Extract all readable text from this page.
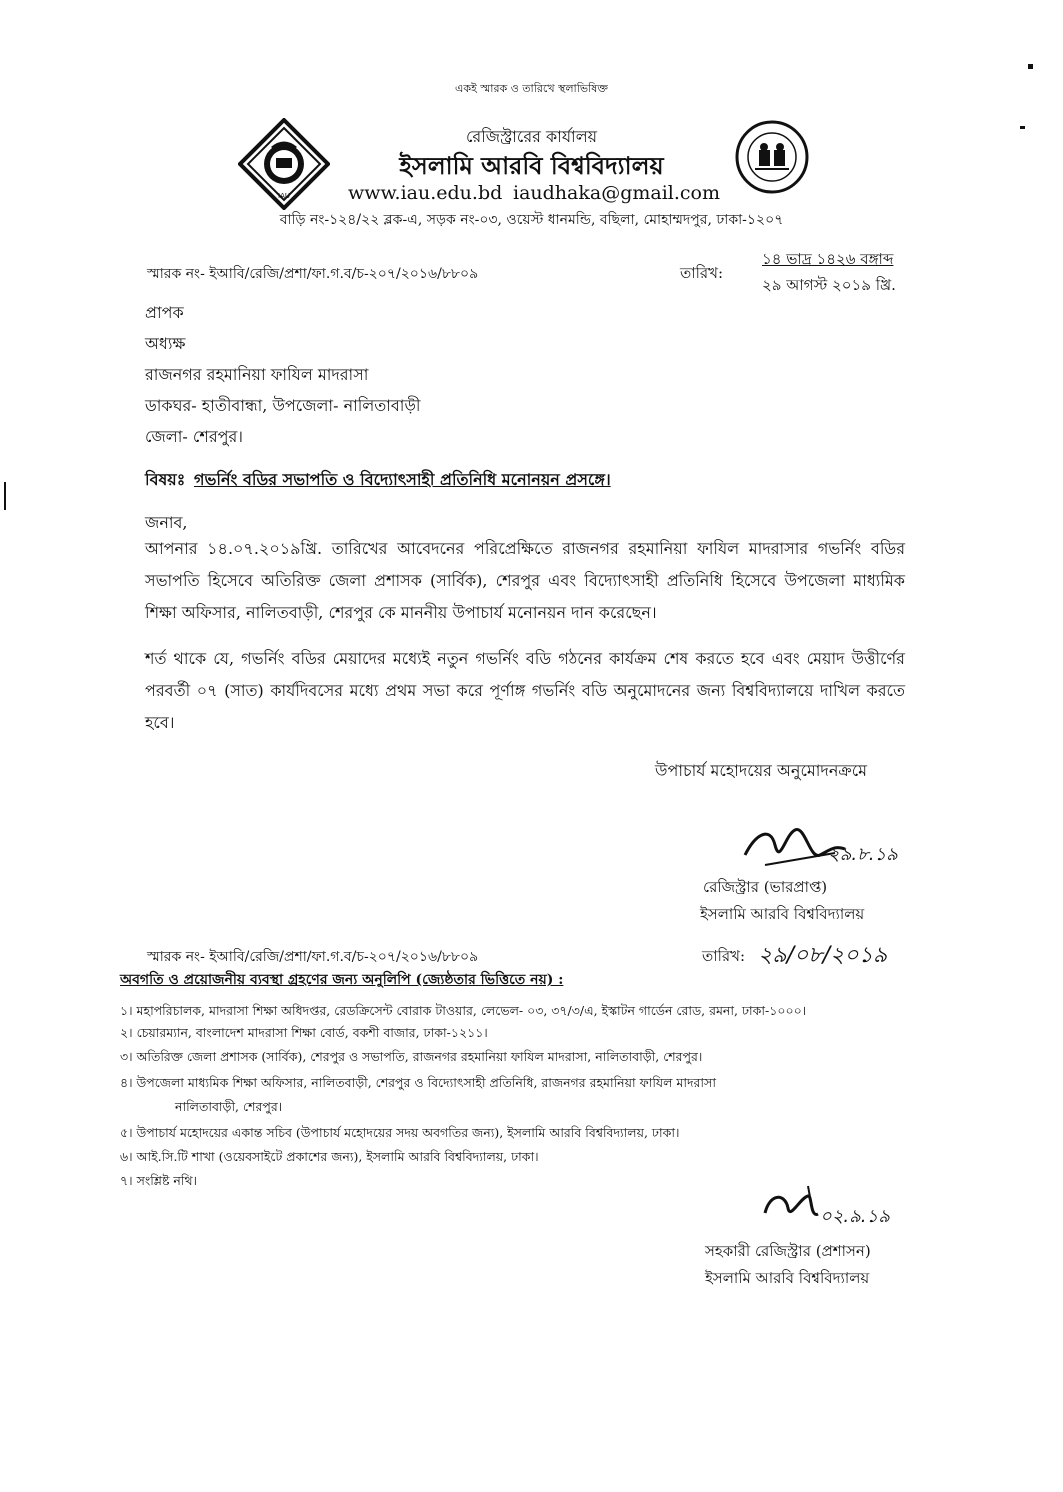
একই স্মারক ও তারিখে স্থলাভিষিক্ত
IAU
রেজিস্ট্রারের কার্যালয়
ইসলামি আরবি বিশ্ববিদ্যালয়
www.iau.edu.bd iaudhaka@gmail.com
বাড়ি নং-১২৪/২২ ব্লক-এ, সড়ক নং-০৩, ওয়েস্ট ধানমন্ডি, বছিলা, মোহাম্মদপুর, ঢাকা-১২০৭
স্মারক নং- ইআবি/রেজি/প্রশা/ফা.গ.ব/চ-২০৭/২০১৬/৮৮০৯	তারিখ:
১৪ ভাদ্র ১৪২৬ বঙ্গাব্দ
২৯ আগস্ট ২০১৯ খ্রি.
প্রাপক
অধ্যক্ষ
রাজনগর রহমানিয়া ফাযিল মাদরাসা
ডাকঘর- হাতীবান্ধা, উপজেলা- নালিতাবাড়ী
জেলা- শেরপুর।
বিষয়ঃ গভর্নিং বডির সভাপতি ও বিদ্যোৎসাহী প্রতিনিধি মনোনয়ন প্রসঙ্গে।
জনাব,
আপনার ১৪.০৭.২০১৯খ্রি. তারিখের আবেদনের পরিপ্রেক্ষিতে রাজনগর রহমানিয়া ফাযিল মাদরাসার গভর্নিং বডির সভাপতি হিসেবে অতিরিক্ত জেলা প্রশাসক (সার্বিক), শেরপুর এবং বিদ্যোৎসাহী প্রতিনিধি হিসেবে উপজেলা মাধ্যমিক শিক্ষা অফিসার, নালিতবাড়ী, শেরপুর কে মাননীয় উপাচার্য মনোনয়ন দান করেছেন।
শর্ত থাকে যে, গভর্নিং বডির মেয়াদের মধ্যেই নতুন গভর্নিং বডি গঠনের কার্যক্রম শেষ করতে হবে এবং মেয়াদ উত্তীর্ণের পরবর্তী ০৭ (সাত) কার্যদিবসের মধ্যে প্রথম সভা করে পূর্ণাঙ্গ গভর্নিং বডি অনুমোদনের জন্য বিশ্ববিদ্যালয়ে দাখিল করতে হবে।
উপাচার্য মহোদয়ের অনুমোদনক্রমে
২৯.৮.১৯
রেজিস্ট্রার (ভারপ্রাপ্ত)
ইসলামি আরবি বিশ্ববিদ্যালয়
স্মারক নং- ইআবি/রেজি/প্রশা/ফা.গ.ব/চ-২০৭/২০১৬/৮৮০৯	তারিখ: ২৯/০৮/২০১৯
অবগতি ও প্রয়োজনীয় ব্যবস্থা গ্রহণের জন্য অনুলিপি (জ্যেষ্ঠতার ভিত্তিতে নয়) :
১। মহাপরিচালক, মাদরাসা শিক্ষা অধিদপ্তর, রেডক্রিসেন্ট বোরাক টাওয়ার, লেভেল- ০৩, ৩৭/৩/এ, ইস্কাটন গার্ডেন রোড, রমনা, ঢাকা-১০০০।
২। চেয়ারম্যান, বাংলাদেশ মাদরাসা শিক্ষা বোর্ড, বকশী বাজার, ঢাকা-১২১১।
৩। অতিরিক্ত জেলা প্রশাসক (সার্বিক), শেরপুর ও সভাপতি, রাজনগর রহমানিয়া ফাযিল মাদরাসা, নালিতাবাড়ী, শেরপুর।
৪। উপজেলা মাধ্যমিক শিক্ষা অফিসার, নালিতবাড়ী, শেরপুর ও বিদ্যোৎসাহী প্রতিনিধি, রাজনগর রহমানিয়া ফাযিল মাদরাসা
নালিতাবাড়ী, শেরপুর।
৫। উপাচার্য মহোদয়ের একান্ত সচিব (উপাচার্য মহোদয়ের সদয় অবগতির জন্য), ইসলামি আরবি বিশ্ববিদ্যালয়, ঢাকা।
৬। আই.সি.টি শাখা (ওয়েবসাইটে প্রকাশের জন্য), ইসলামি আরবি বিশ্ববিদ্যালয়, ঢাকা।
৭। সংশ্লিষ্ট নথি।
০২.৯.১৯
সহকারী রেজিস্ট্রার (প্রশাসন)
ইসলামি আরবি বিশ্ববিদ্যালয়
